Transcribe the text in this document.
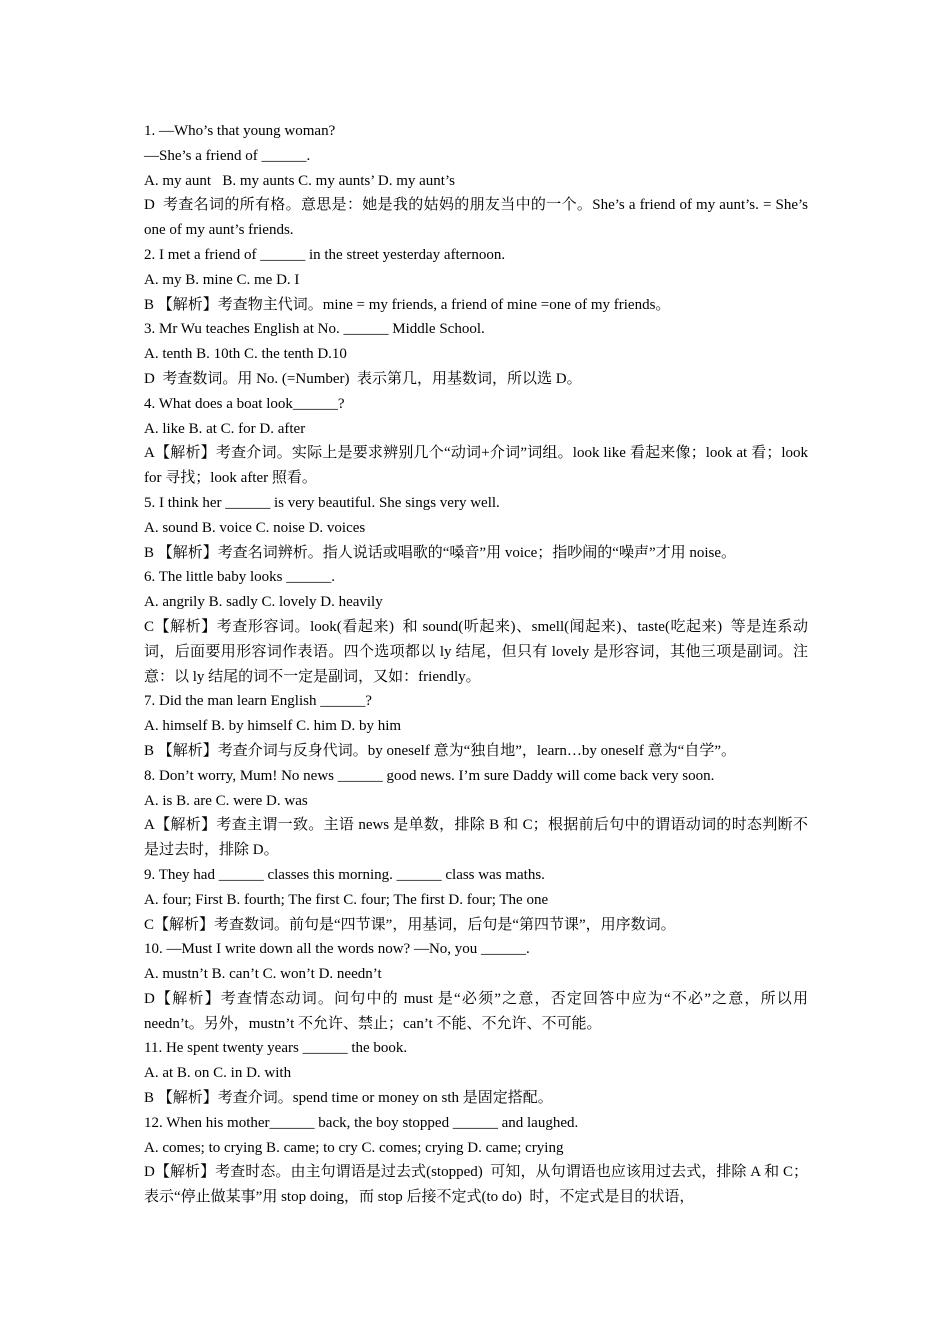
1. —Who’s that young woman?
—She’s a friend of ______.
A. my aunt   B. my aunts C. my aunts’ D. my aunt’s
D  考查名词的所有格。意思是：她是我的姑妈的朋友当中的一个。She’s a friend of my aunt’s. = She’s one of my aunt’s friends.
2. I met a friend of ______ in the street yesterday afternoon.
A. my B. mine C. me D. I
B 【解析】考查物主代词。mine = my friends, a friend of mine =one of my friends。
3. Mr Wu teaches English at No. ______ Middle School.
A. tenth B. 10th C. the tenth D.10
D  考查数词。用 No. (=Number)  表示第几，用基数词，所以选 D。
4. What does a boat look______?
A. like B. at C. for D. after
A【解析】考查介词。实际上是要求辨别几个“动词+介词”词组。look like 看起来像；look at 看；look for 寻找；look after 照看。
5. I think her ______ is very beautiful. She sings very well.
A. sound B. voice C. noise D. voices
B 【解析】考查名词辨析。指人说话或唱歌的“嗓音”用 voice；指吵闹的“噪声”才用 noise。
6. The little baby looks ______.
A. angrily B. sadly C. lovely D. heavily
C【解析】考查形容词。look(看起来)  和 sound(听起来)、smell(闻起来)、taste(吃起来)  等是连系动词，后面要用形容词作表语。四个选项都以 ly 结尾，但只有 lovely 是形容词，其他三项是副词。注意：以 ly 结尾的词不一定是副词，又如：friendly。
7. Did the man learn English ______?
A. himself B. by himself C. him D. by him
B 【解析】考查介词与反身代词。by oneself 意为“独自地”，learn…by oneself 意为“自学”。
8. Don’t worry, Mum! No news ______ good news. I’m sure Daddy will come back very soon.
A. is B. are C. were D. was
A【解析】考查主谓一致。主语 news 是单数，排除 B 和 C；根据前后句中的谓语动词的时态判断不是过去时，排除 D。
9. They had ______ classes this morning. ______ class was maths.
A. four; First B. fourth; The first C. four; The first D. four; The one
C【解析】考查数词。前句是“四节课”，用基词，后句是“第四节课”，用序数词。
10. —Must I write down all the words now? —No, you ______.
A. mustn’t B. can’t C. won’t D. needn’t
D【解析】考查情态动词。问句中的 must 是“必须”之意，否定回答中应为“不必”之意，所以用 needn’t。另外，mustn’t 不允许、禁止；can’t 不能、不允许、不可能。
11. He spent twenty years ______ the book.
A. at B. on C. in D. with
B 【解析】考查介词。spend time or money on sth 是固定搭配。
12. When his mother______ back, the boy stopped ______ and laughed.
A. comes; to crying B. came; to cry C. comes; crying D. came; crying
D【解析】考查时态。由主句谓语是过去式(stopped)  可知，从句谓语也应该用过去式，排除 A 和 C；表示“停止做某事”用 stop doing，而 stop 后接不定式(to do)  时，不定式是目的状语，
